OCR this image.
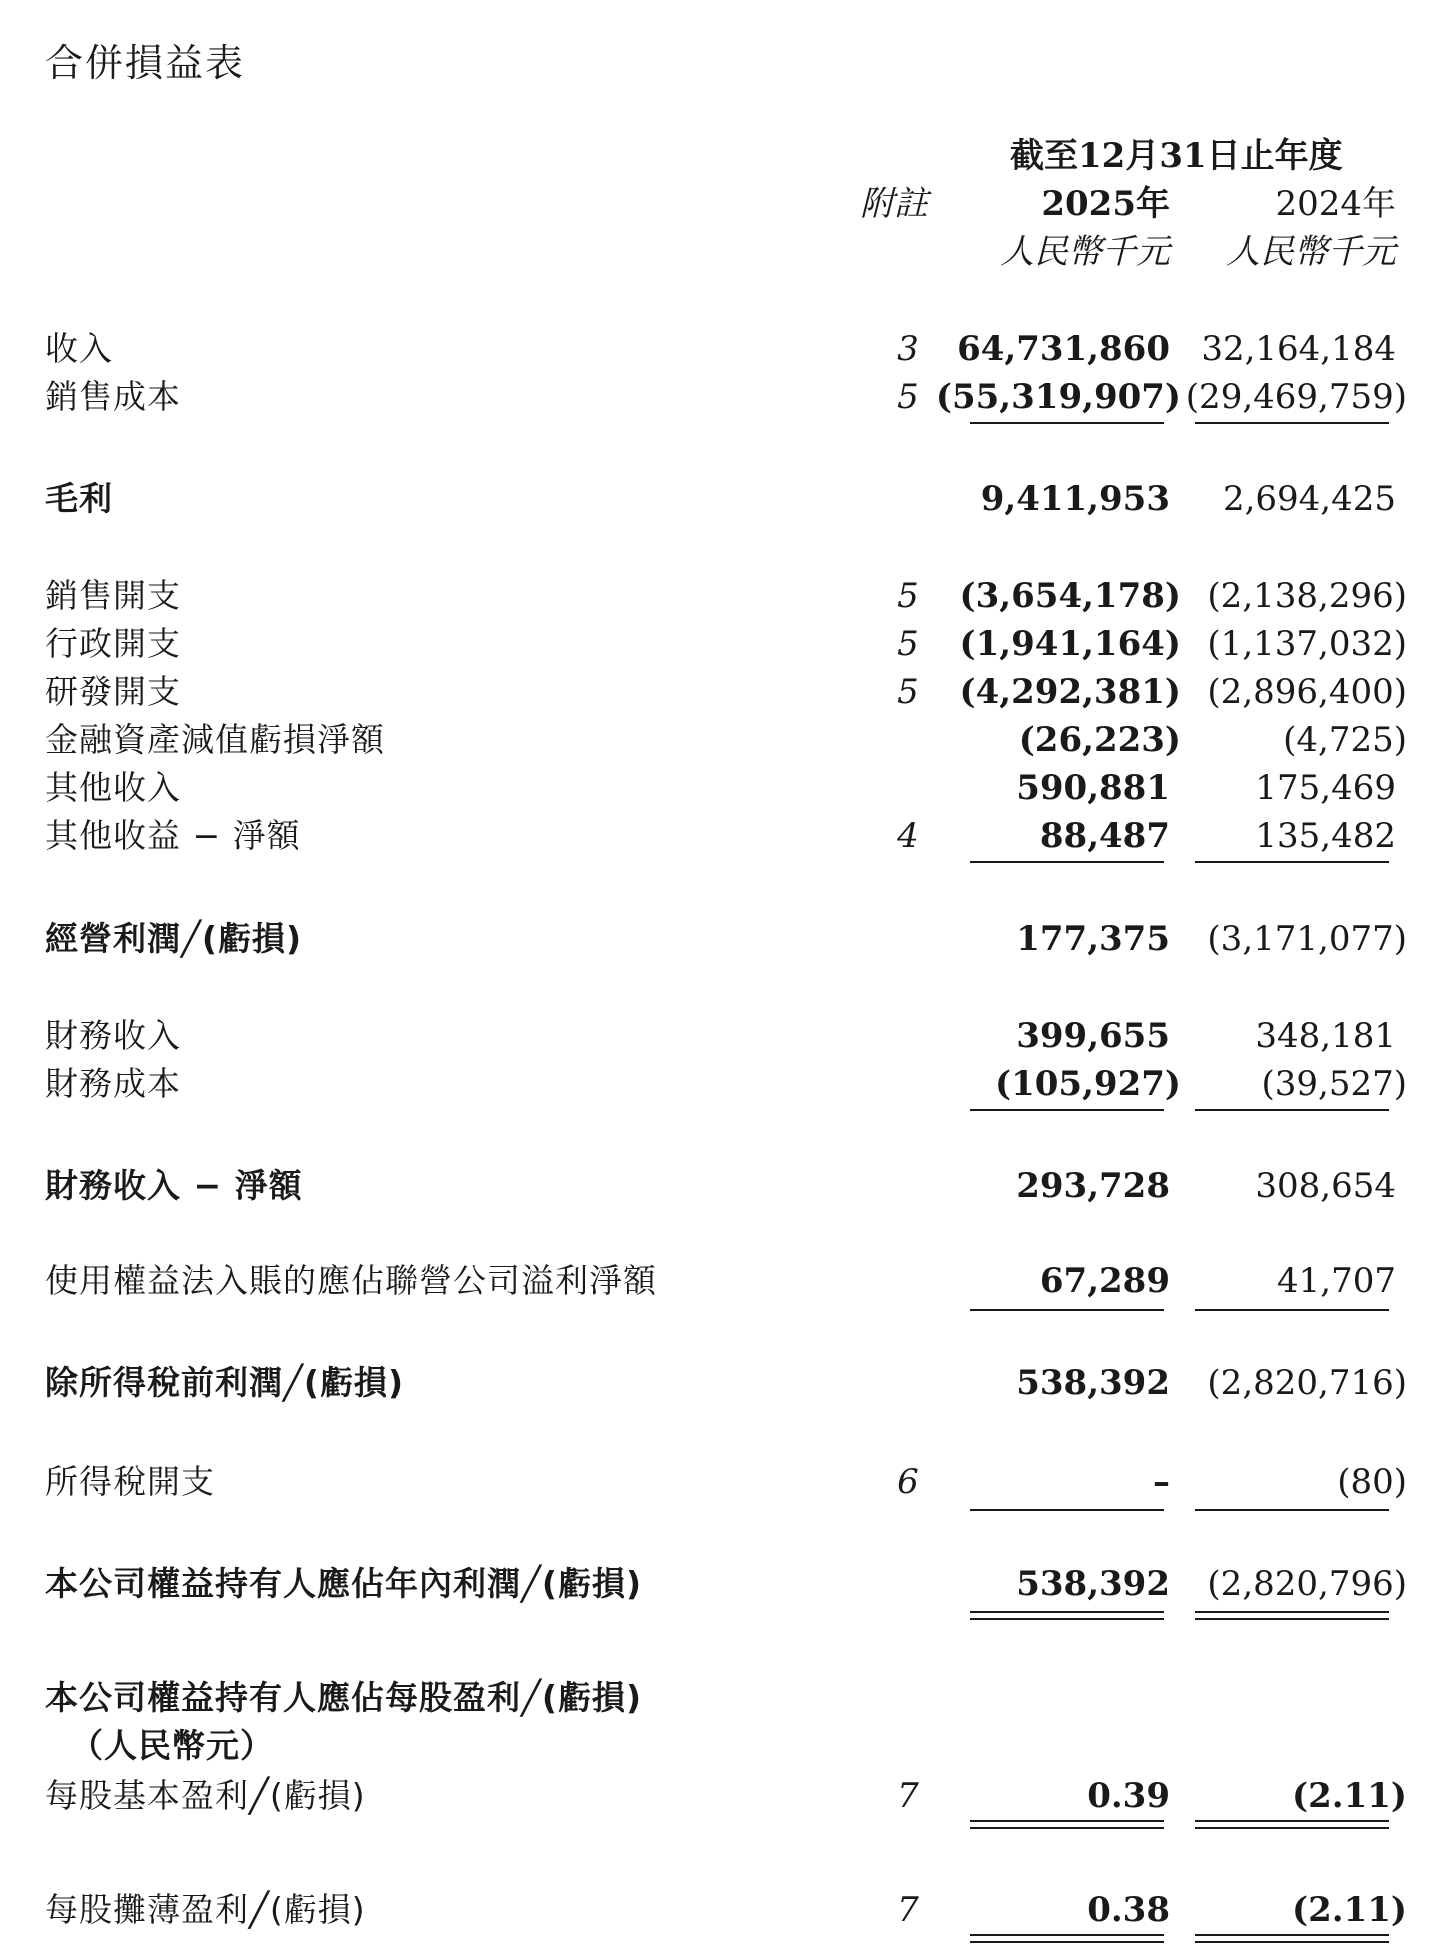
合併損益表
截至12月31日止年度
附註	2025年	2024年
人民幣千元 人民幣千元
收入	3 64,731,860 32,164,184
銷售成本	5 (55,319,907) (29,469,759)
毛利	9,411,953 2,694,425
銷售開支	5 (3,654,178) (2,138,296)
行政開支	5 (1,941,164) (1,137,032)
研發開支	5 (4,292,381) (2,896,400)
金融資產減值虧損淨額	(26,223)	(4,725)
其他收入	590,881	175,469
其他收益 − 淨額	4	88,487	135,482
經營利潤╱(虧損)	177,375 (3,171,077)
財務收入	399,655	348,181
財務成本	(105,927) (39,527)
財務收入 − 淨額	293,728	308,654
使用權益法入賬的應佔聯營公司溢利淨額	67,289	41,707
除所得稅前利潤╱(虧損)	538,392 (2,820,716)
所得稅開支	6	–	(80)
本公司權益持有人應佔年內利潤╱(虧損)	538,392 (2,820,796)
本公司權益持有人應佔每股盈利╱(虧損)
（人民幣元）
每股基本盈利╱(虧損)	7	0.39	(2.11)
每股攤薄盈利╱(虧損)	7	0.38	(2.11)
